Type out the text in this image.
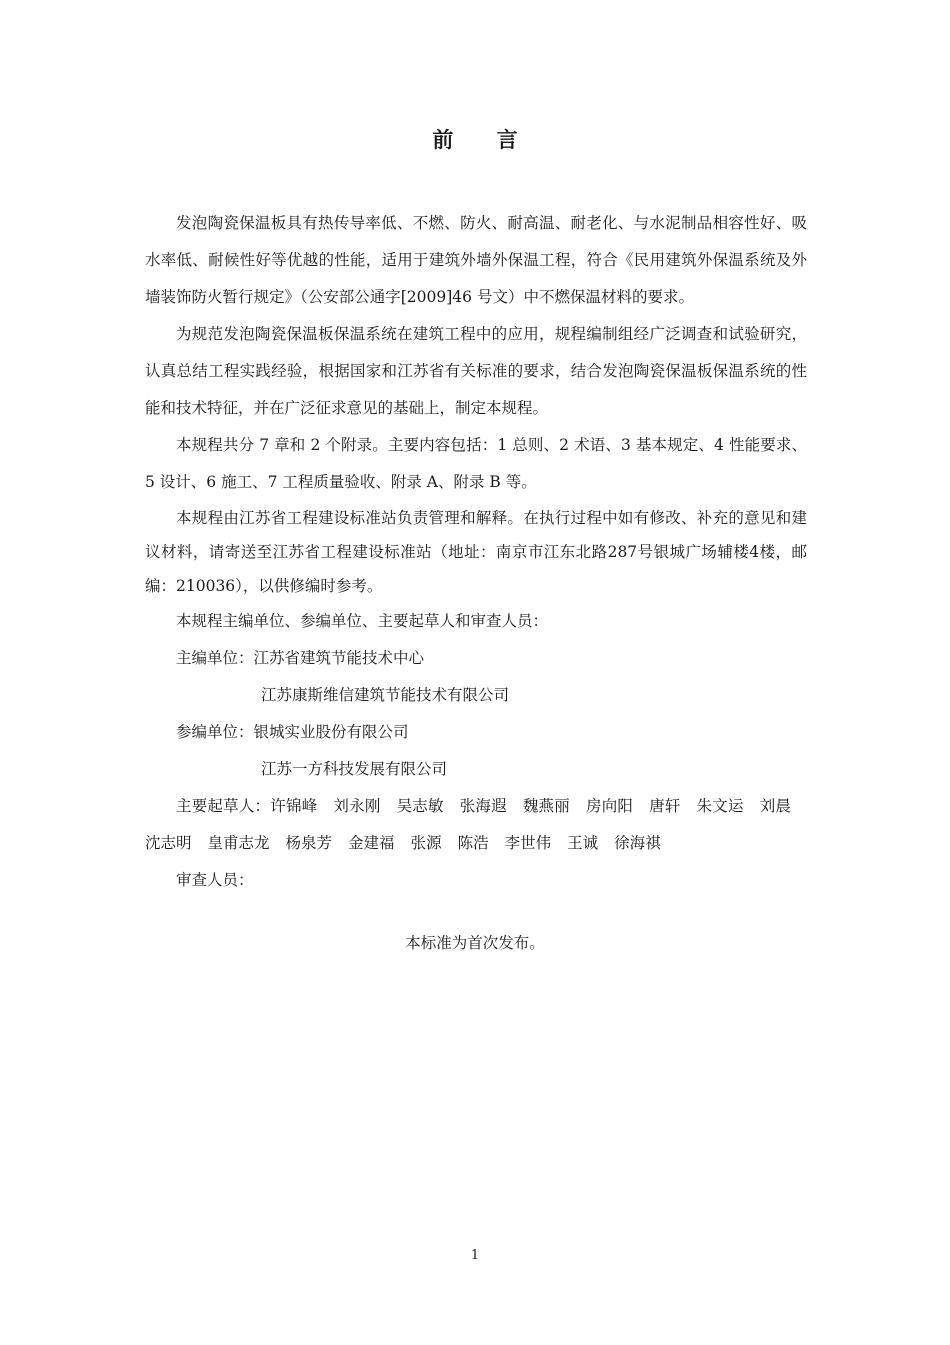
前 言

发泡陶瓷保温板具有热传导率低、不燃、防火、耐高温、耐老化、与水泥制品相容性好、吸水率低、耐候性好等优越的性能，适用于建筑外墙外保温工程，符合《民用建筑外保温系统及外墙装饰防火暂行规定》（公安部公通字[2009]46 号文）中不燃保温材料的要求。

为规范发泡陶瓷保温板保温系统在建筑工程中的应用，规程编制组经广泛调查和试验研究，认真总结工程实践经验，根据国家和江苏省有关标准的要求，结合发泡陶瓷保温板保温系统的性能和技术特征，并在广泛征求意见的基础上，制定本规程。

本规程共分 7 章和 2 个附录。主要内容包括：1 总则、2 术语、3 基本规定、4 性能要求、5 设计、6 施工、7 工程质量验收、附录 A、附录 B 等。

本规程由江苏省工程建设标准站负责管理和解释。在执行过程中如有修改、补充的意见和建议材料，请寄送至江苏省工程建设标准站（地址：南京市江东北路287号银城广场辅楼4楼，邮编：210036），以供修编时参考。

本规程主编单位、参编单位、主要起草人和审查人员：

主编单位： 江苏省建筑节能技术中心

江苏康斯维信建筑节能技术有限公司

参编单位： 银城实业股份有限公司

江苏一方科技发展有限公司

主要起草人：许锦峰 刘永刚 吴志敏 张海遐 魏燕丽 房向阳 唐轩 朱文运 刘晨沈志明 皇甫志龙 杨泉芳 金建福 张源 陈浩 李世伟 王诚 徐海祺

审查人员：

本标准为首次发布。
1
